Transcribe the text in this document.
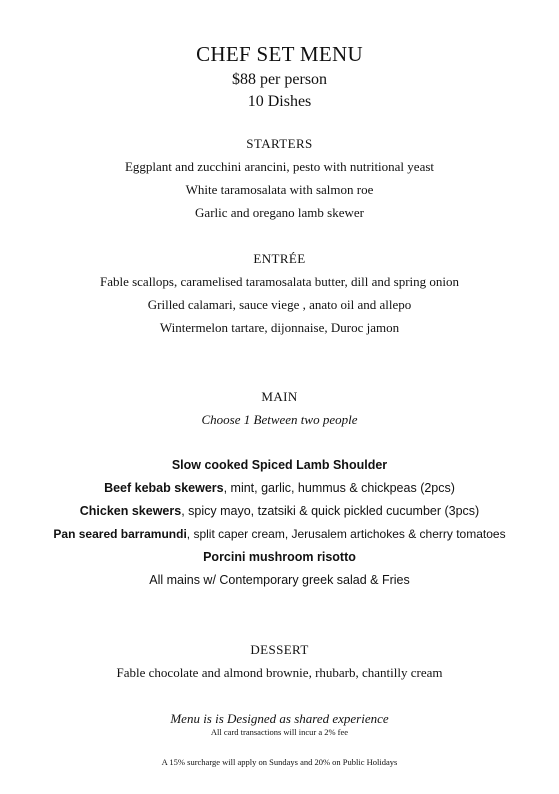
CHEF SET MENU
$88 per person
10 Dishes
STARTERS
Eggplant and zucchini arancini, pesto with nutritional yeast
White taramosalata with salmon roe
Garlic and oregano lamb skewer
ENTRÉE
Fable scallops, caramelised taramosalata butter, dill and spring onion
Grilled calamari, sauce viege , anato oil and allepo
Wintermelon tartare, dijonnaise, Duroc jamon
MAIN
Choose 1 Between two people
Slow cooked Spiced Lamb Shoulder
Beef kebab skewers, mint, garlic, hummus & chickpeas (2pcs)
Chicken skewers, spicy mayo, tzatsiki & quick pickled cucumber (3pcs)
Pan seared barramundi, split caper cream, Jerusalem artichokes & cherry tomatoes
Porcini mushroom risotto
All mains w/ Contemporary greek salad & Fries
DESSERT
Fable chocolate and almond brownie, rhubarb, chantilly cream
Menu is is Designed as shared experience
All card transactions will incur a 2% fee
A 15% surcharge will apply on Sundays and 20% on Public Holidays
